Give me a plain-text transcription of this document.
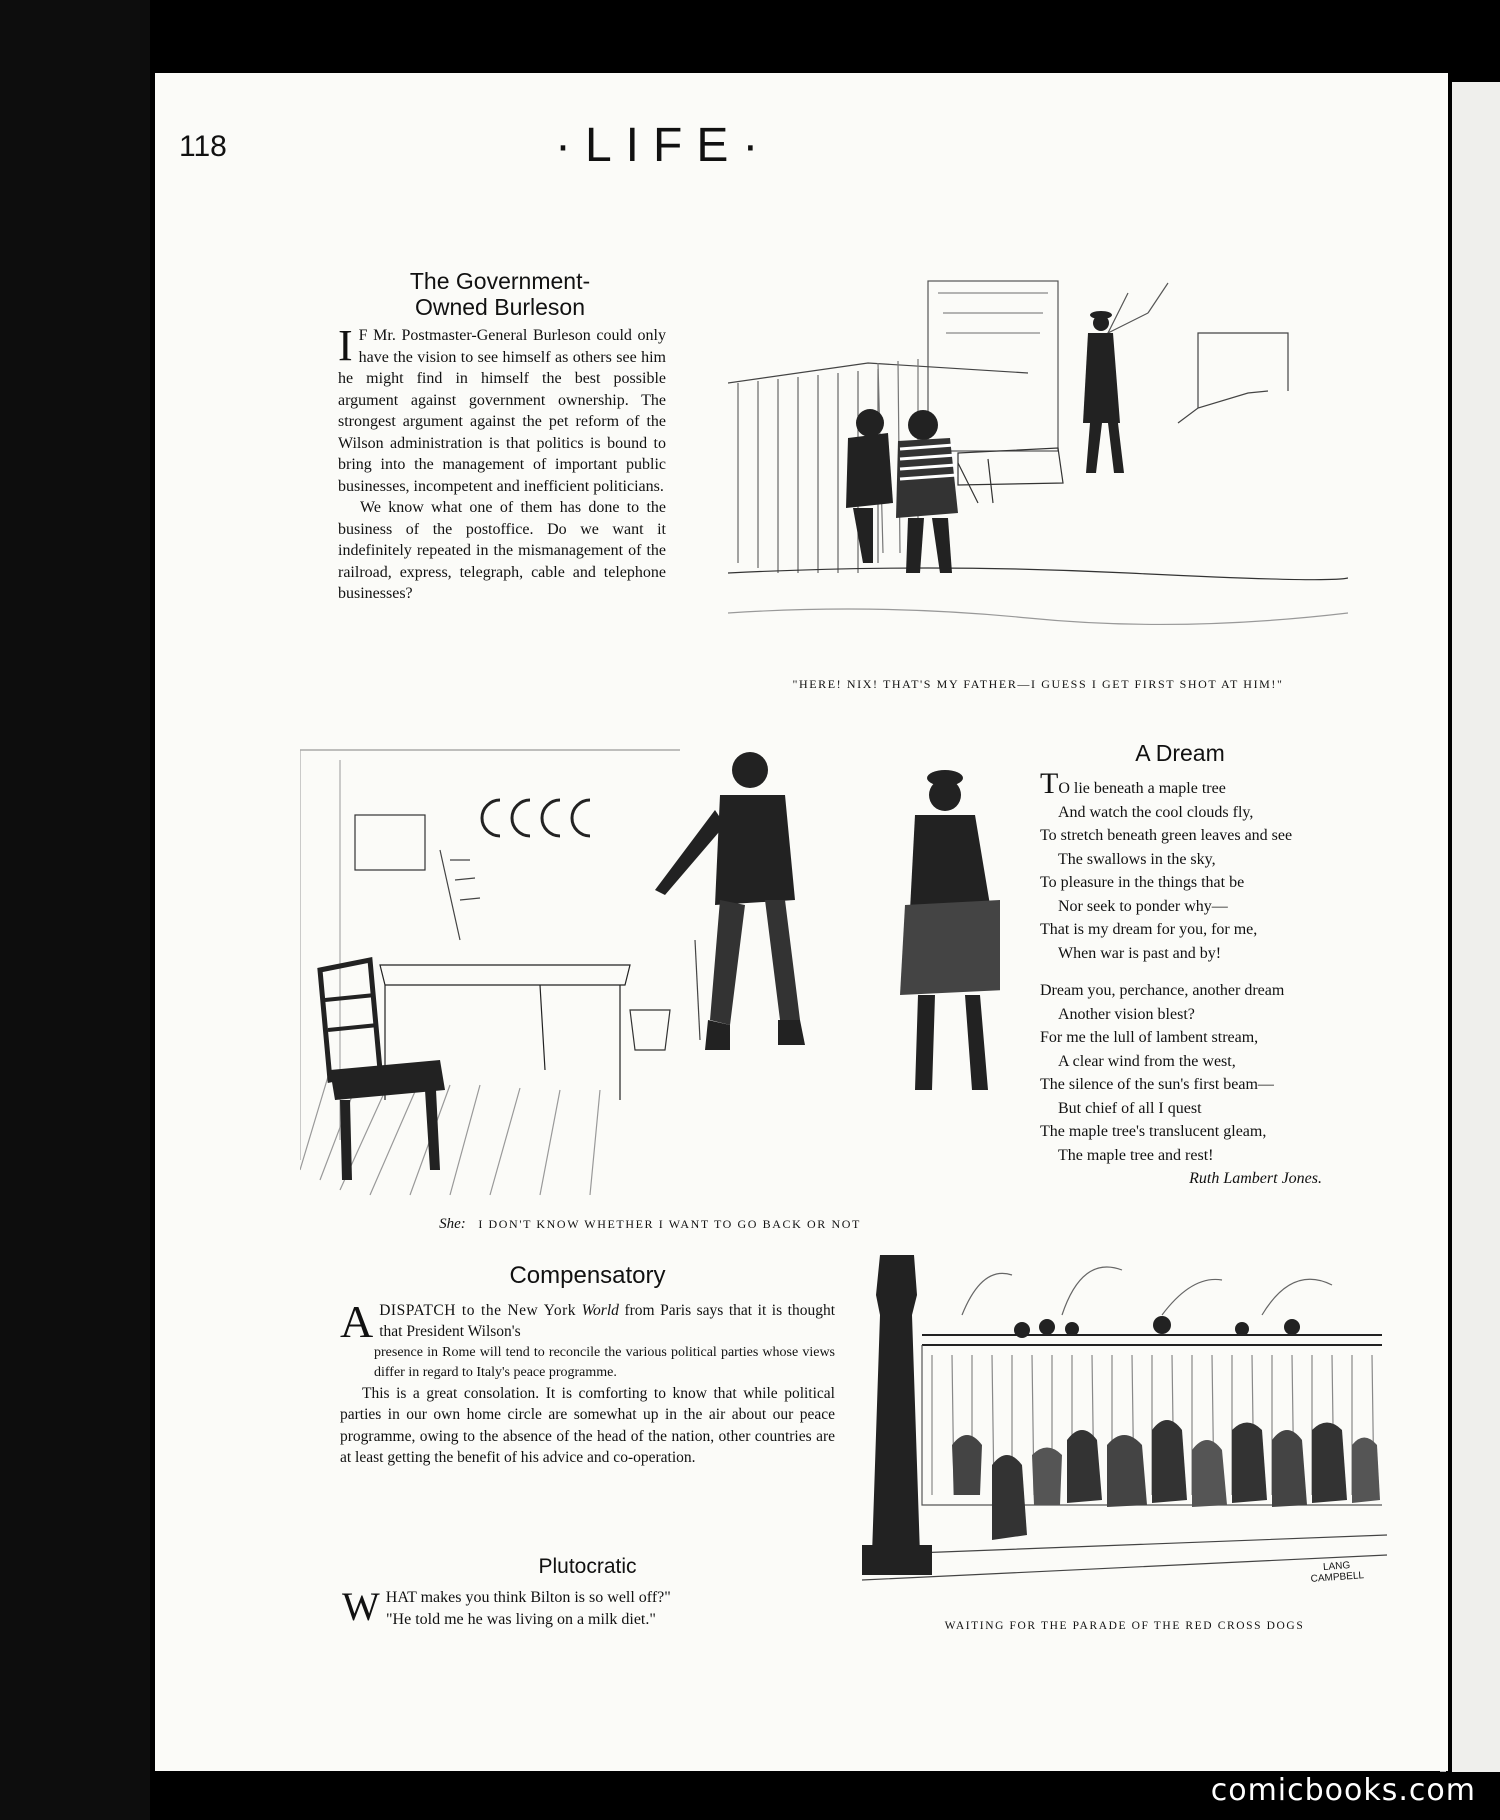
118	·LIFE·
The Government-Owned Burleson

I F Mr. Postmaster-General Burleson could only have the vision to see himself as others see him he might find in himself the best possible argument against government ownership. The strongest argument against the pet reform of the Wilson administration is that politics is bound to bring into the management of important public businesses, incompetent and inefficient politicians.

We know what one of them has done to the business of the postoffice. Do we want it indefinitely repeated in the mismanagement of the railroad, express, telegraph, cable and telephone businesses?

"HERE! NIX! THAT'S MY FATHER—I GUESS I GET FIRST SHOT AT HIM!"
She: I DON'T KNOW WHETHER I WANT TO GO BACK OR NOT
A Dream
TO lie beneath a maple tree
And watch the cool clouds fly,
To stretch beneath green leaves and see
The swallows in the sky,
To pleasure in the things that be
Nor seek to ponder why—
That is my dream for you, for me,
When war is past and by!
Dream you, perchance, another dream
Another vision blest?
For me the lull of lambent stream,
A clear wind from the west,
The silence of the sun's first beam—
But chief of all I quest
The maple tree's translucent gleam,
The maple tree and rest!
Ruth Lambert Jones.
Compensatory

A DISPATCH to the New York World from Paris says that it is thought that President Wilson's

presence in Rome will tend to reconcile the various political parties whose views differ in regard to Italy's peace programme.

This is a great consolation. It is comforting to know that while political parties in our own home circle are somewhat up in the air about our peace programme, owing to the absence of the head of the nation, other countries are at least getting the benefit of his advice and co-operation.

Plutocratic

WHAT makes you think Bilton is so well off?"

"He told me he was living on a milk diet."

LANG CAMPBELL
WAITING FOR THE PARADE OF THE RED CROSS DOGS
comicbooks.com
